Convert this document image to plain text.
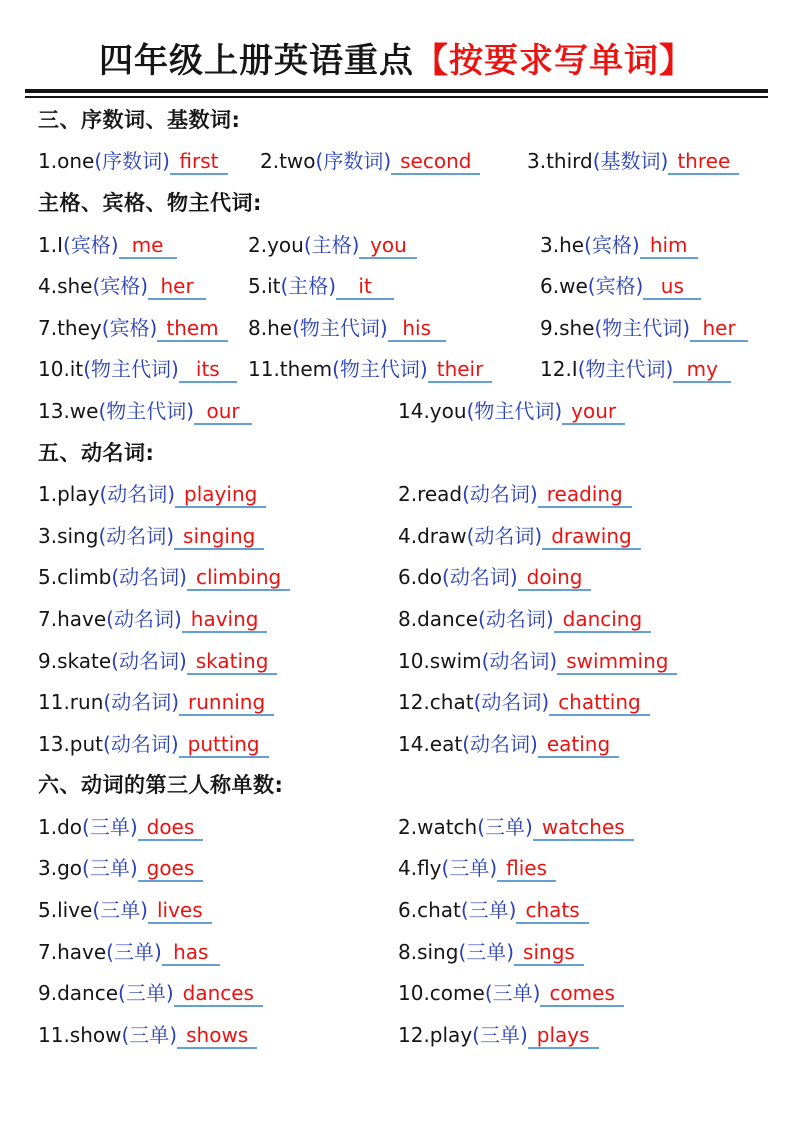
四年级上册英语重点【按要求写单词】
三、序数词、基数词:
1.one(序数词) first	2.two(序数词) second	3.third(基数词) three
主格、宾格、物主代词:
1.I(宾格) me	2.you(主格) you	3.he(宾格) him
4.she(宾格) her	5.it(主格) it	6.we(宾格) us
7.they(宾格) them	8.he(物主代词) his	9.she(物主代词) her
10.it(物主代词) its	11.them(物主代词) their	12.I(物主代词) my
13.we(物主代词) our	14.you(物主代词) your
五、动名词:
1.play(动名词) playing	2.read(动名词) reading
3.sing(动名词) singing	4.draw(动名词) drawing
5.climb(动名词) climbing	6.do(动名词) doing
7.have(动名词) having	8.dance(动名词) dancing
9.skate(动名词) skating	10.swim(动名词) swimming
11.run(动名词) running	12.chat(动名词) chatting
13.put(动名词) putting	14.eat(动名词) eating
六、动词的第三人称单数:
1.do(三单) does	2.watch(三单) watches
3.go(三单) goes	4.fly(三单) flies
5.live(三单) lives	6.chat(三单) chats
7.have(三单) has	8.sing(三单) sings
9.dance(三单) dances	10.come(三单) comes
11.show(三单) shows	12.play(三单) plays
